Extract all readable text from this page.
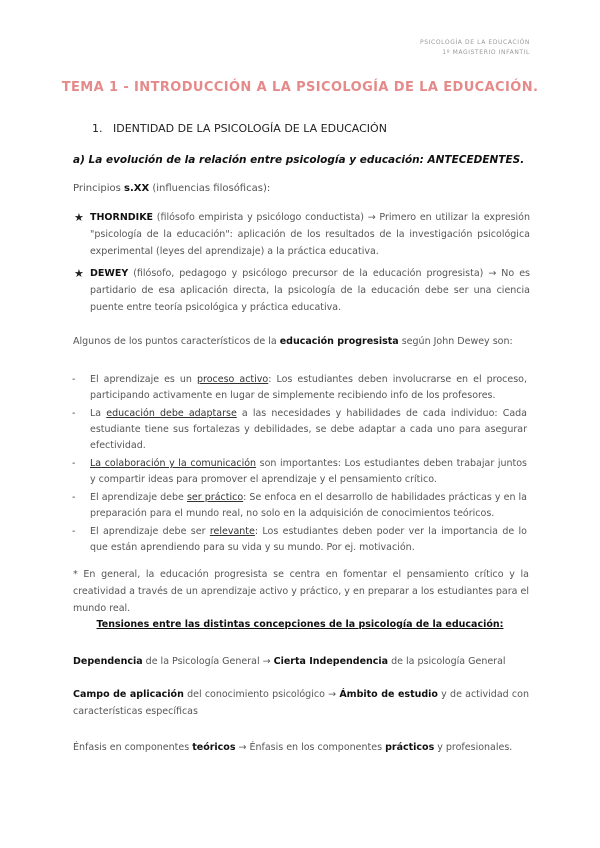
PSICOLOGÍA DE LA EDUCACIÓN
1º MAGISTERIO INFANTIL
TEMA 1 - INTRODUCCIÓN A LA PSICOLOGÍA DE LA EDUCACIÓN.

1. IDENTIDAD DE LA PSICOLOGÍA DE LA EDUCACIÓN

a) La evolución de la relación entre psicología y educación: ANTECEDENTES.

Principios s.XX (influencias filosóficas):

★ THORNDIKE (filósofo empirista y psicólogo conductista) → Primero en utilizar la expresión "psicología de la educación": aplicación de los resultados de la investigación psicológica experimental (leyes del aprendizaje) a la práctica educativa.
★ DEWEY (filósofo, pedagogo y psicólogo precursor de la educación progresista) → No es partidario de esa aplicación directa, la psicología de la educación debe ser una ciencia puente entre teoría psicológica y práctica educativa.

Algunos de los puntos característicos de la educación progresista según John Dewey son:

- El aprendizaje es un proceso activo: Los estudiantes deben involucrarse en el proceso, participando activamente en lugar de simplemente recibiendo info de los profesores.
- La educación debe adaptarse a las necesidades y habilidades de cada individuo: Cada estudiante tiene sus fortalezas y debilidades, se debe adaptar a cada uno para asegurar efectividad.
- La colaboración y la comunicación son importantes: Los estudiantes deben trabajar juntos y compartir ideas para promover el aprendizaje y el pensamiento crítico.
- El aprendizaje debe ser práctico: Se enfoca en el desarrollo de habilidades prácticas y en la preparación para el mundo real, no solo en la adquisición de conocimientos teóricos.
- El aprendizaje debe ser relevante: Los estudiantes deben poder ver la importancia de lo que están aprendiendo para su vida y su mundo. Por ej. motivación.

* En general, la educación progresista se centra en fomentar el pensamiento crítico y la creatividad a través de un aprendizaje activo y práctico, y en preparar a los estudiantes para el mundo real.

Tensiones entre las distintas concepciones de la psicología de la educación:

Dependencia de la Psicología General → Cierta Independencia de la psicología General

Campo de aplicación del conocimiento psicológico → Ámbito de estudio y de actividad con características específicas

Énfasis en componentes teóricos → Énfasis en los componentes prácticos y profesionales.
